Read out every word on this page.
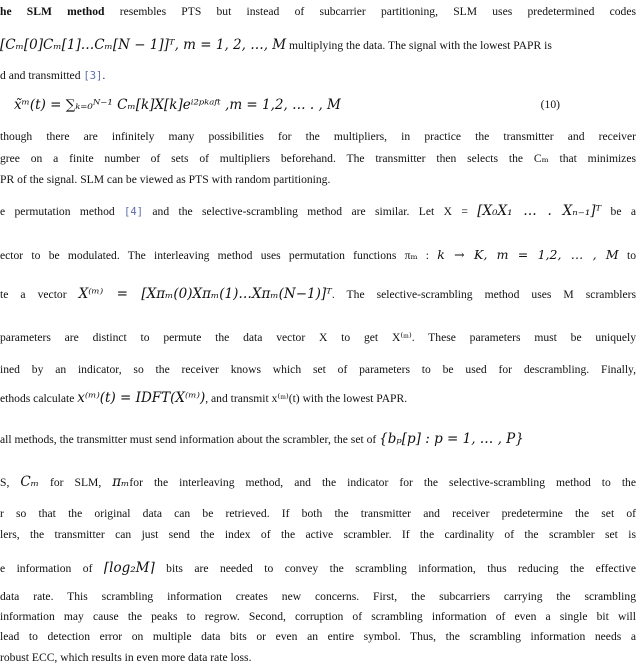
he SLM method resembles PTS but instead of subcarrier partitioning, SLM uses predetermined codes
[Cₘ[0]Cₘ[1]…Cₘ[N − 1]]ᵀ, m = 1, 2, …, M multiplying the data. The signal with the lowest PAPR is
d and transmitted [3].
x̃ᵐ(t) = ∑ₖ₌₀ᴺ⁻¹ Cₘ[k]X[k]eⁱ²ᵖᵏᵃᶠᵗ ,m = 1,2, … . , M	(10)
though there are infinitely many possibilities for the multipliers, in practice the transmitter and receiver
gree on a finite number of sets of multipliers beforehand. The transmitter then selects the Cₘ that minimizes
PR of the signal. SLM can be viewed as PTS with random partitioning.
e permutation method [4] and the selective-scrambling method are similar. Let X = [X₀X₁ … . Xₙ₋₁]ᵀ be a
ector to be modulated. The interleaving method uses permutation functions πₘ : k → K, m = 1,2, … , M to
te a vector X⁽ᵐ⁾ = [Xπₘ(0)Xπₘ(1)…Xπₘ(N−1)]ᵀ. The selective-scrambling method uses M scramblers
parameters are distinct to permute the data vector X to get X⁽ᵐ⁾. These parameters must be uniquely
ined by an indicator, so the receiver knows which set of parameters to be used for descrambling. Finally,
ethods calculate x⁽ᵐ⁾(t) = IDFT(X⁽ᵐ⁾), and transmit x⁽ᵐ⁾(t) with the lowest PAPR.
all methods, the transmitter must send information about the scrambler, the set of {bₚ[p] : p = 1, … , P}
S, Cₘ for SLM, πₘfor the interleaving method, and the indicator for the selective-scrambling method to the
r so that the original data can be retrieved. If both the transmitter and receiver predetermine the set of
lers, the transmitter can just send the index of the active scrambler. If the cardinality of the scrambler set is
e information of ⌈log₂M⌉ bits are needed to convey the scrambling information, thus reducing the effective
data rate. This scrambling information creates new concerns. First, the subcarriers carrying the scrambling
information may cause the peaks to regrow. Second, corruption of scrambling information of even a single bit will
lead to detection error on multiple data bits or even an entire symbol. Thus, the scrambling information needs a
robust ECC, which results in even more data rate loss.
